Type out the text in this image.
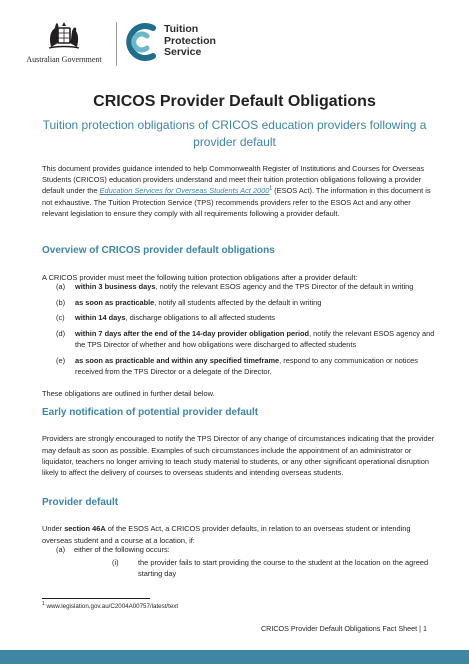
Australian Government
Tuition
Protection
Service
CRICOS Provider Default Obligations

Tuition protection obligations of CRICOS education providers following a provider default

This document provides guidance intended to help Commonwealth Register of Institutions and Courses for Overseas Students (CRICOS) education providers understand and meet their tuition protection obligations following a provider default under the Education Services for Overseas Students Act 2000$^1$ (ESOS Act). The information in this document is not exhaustive. The Tuition Protection Service (TPS) recommends providers refer to the ESOS Act and any other relevant legislation to ensure they comply with all requirements following a provider default.

Overview of CRICOS provider default obligations

A CRICOS provider must meet the following tuition protection obligations after a provider default:

(a) within 3 business days, notify the relevant ESOS agency and the TPS Director of the default in writing
(b) as soon as practicable, notify all students affected by the default in writing
(c) within 14 days, discharge obligations to all affected students
(d) within 7 days after the end of the 14-day provider obligation period, notify the relevant ESOS agency and the TPS Director of whether and how obligations were discharged to affected students
(e) as soon as practicable and within any specified timeframe, respond to any communication or notices received from the TPS Director or a delegate of the Director.

These obligations are outlined in further detail below.

Early notification of potential provider default

Providers are strongly encouraged to notify the TPS Director of any change of circumstances indicating that the provider may default as soon as possible. Examples of such circumstances include the appointment of an administrator or liquidator, teachers no longer arriving to teach study material to students, or any other significant operational disruption likely to affect the delivery of courses to overseas students and intending overseas students.

Provider default

Under section 46A of the ESOS Act, a CRICOS provider defaults, in relation to an overseas student or intending overseas student and a course at a location, if:

(a) either of the following occurs:
(i)	the provider fails to start providing the course to the student at the location on the agreed starting day
$^1$ www.legislation.gov.au/C2004A00757/latest/text
CRICOS Provider Default Obligations Fact Sheet | 1
